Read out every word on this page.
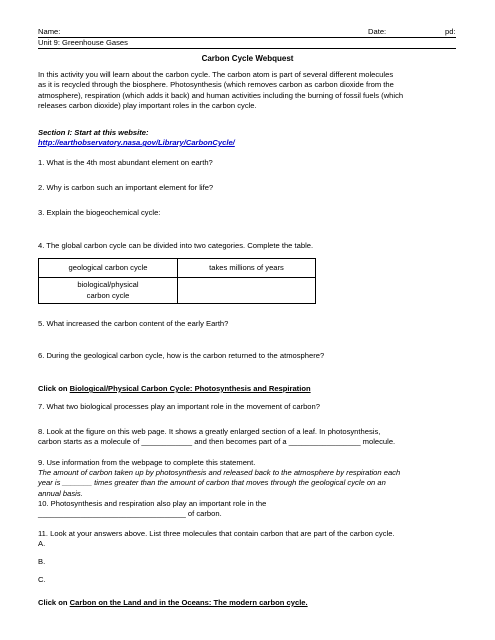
Name:	Date:	pd:
Unit 9: Greenhouse Gases
Carbon Cycle Webquest
In this activity you will learn about the carbon cycle. The carbon atom is part of several different molecules
as it is recycled through the biosphere. Photosynthesis (which removes carbon as carbon dioxide from the
atmosphere), respiration (which adds it back) and human activities including the burning of fossil fuels (which
releases carbon dioxide) play important roles in the carbon cycle.
Section I: Start at this website:
http://earthobservatory.nasa.gov/Library/CarbonCycle/
1. What is the 4th most abundant element on earth?
2. Why is carbon such an important element for life?
3. Explain the biogeochemical cycle:
4. The global carbon cycle can be divided into two categories. Complete the table.
geological carbon cycle	takes millions of years

biological/physical
carbon cycle	

5. What increased the carbon content of the early Earth?
6. During the geological carbon cycle, how is the carbon returned to the atmosphere?
Click on Biological/Physical Carbon Cycle: Photosynthesis and Respiration
7. What two biological processes play an important role in the movement of carbon?
8. Look at the figure on this web page. It shows a greatly enlarged section of a leaf. In photosynthesis,
carbon starts as a molecule of ____________ and then becomes part of a _________________ molecule.
9. Use information from the webpage to complete this statement.
The amount of carbon taken up by photosynthesis and released back to the atmosphere by respiration each
year is _______ times greater than the amount of carbon that moves through the geological cycle on an
annual basis.
10. Photosynthesis and respiration also play an important role in the
___________________________________ of carbon.
11. Look at your answers above. List three molecules that contain carbon that are part of the carbon cycle.
A.
B.
C.
Click on Carbon on the Land and in the Oceans: The modern carbon cycle.
